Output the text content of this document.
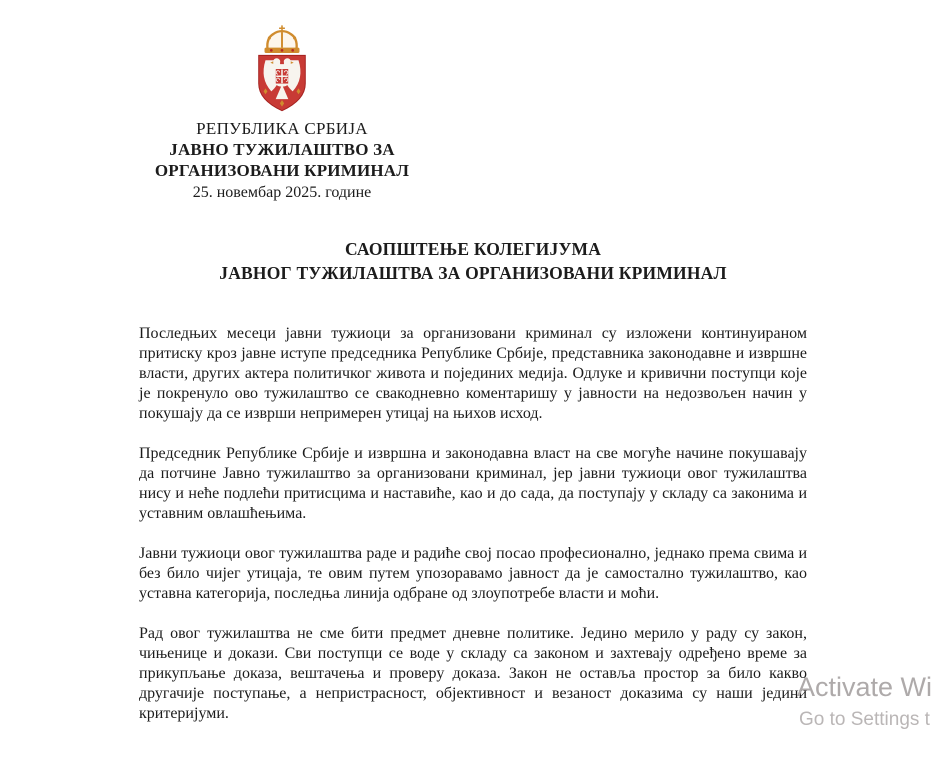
РЕПУБЛИКА СРБИЈА
ЈАВНО ТУЖИЛАШТВО ЗА
ОРГАНИЗОВАНИ КРИМИНАЛ
25. новембар 2025. године
САОПШТЕЊЕ КОЛЕГИЈУМА
ЈАВНОГ ТУЖИЛАШТВА ЗА ОРГАНИЗОВАНИ КРИМИНАЛ

Последњих месеци јавни тужиоци за организовани криминал су изложени континуираном притиску кроз јавне иступе председника Републике Србије, представника законодавне и извршне власти, других актера политичког живота и појединих медија. Одлуке и кривични поступци које је покренуло ово тужилаштво се свакодневно коментаришу у јавности на недозвољен начин у покушају да се изврши непримерен утицај на њихов исход.

Председник Републике Србије и извршна и законодавна власт на све могуће начине покушавају да потчине Јавно тужилаштво за организовани криминал, јер јавни тужиоци овог тужилаштва нису и неће подлећи притисцима и наставиће, као и до сада, да поступају у складу са законима и уставним овлашћењима.

Јавни тужиоци овог тужилаштва раде и радиће свој посао професионално, једнако према свима и без било чијег утицаја, те овим путем упозоравамо јавност да је самостално тужилаштво, као уставна категорија, последња линија одбране од злоупотребе власти и моћи.

Рад овог тужилаштва не сме бити предмет дневне политике. Једино мерило у раду су закон, чињенице и докази. Сви поступци се воде у складу са законом и захтевају одређено време за прикупљање доказа, вештачења и проверу доказа. Закон не оставља простор за било какво другачије поступање, а непристрасност, објективност и везаност доказима су наши једини критеријуми.

Activate Wi
Go to Settings t
